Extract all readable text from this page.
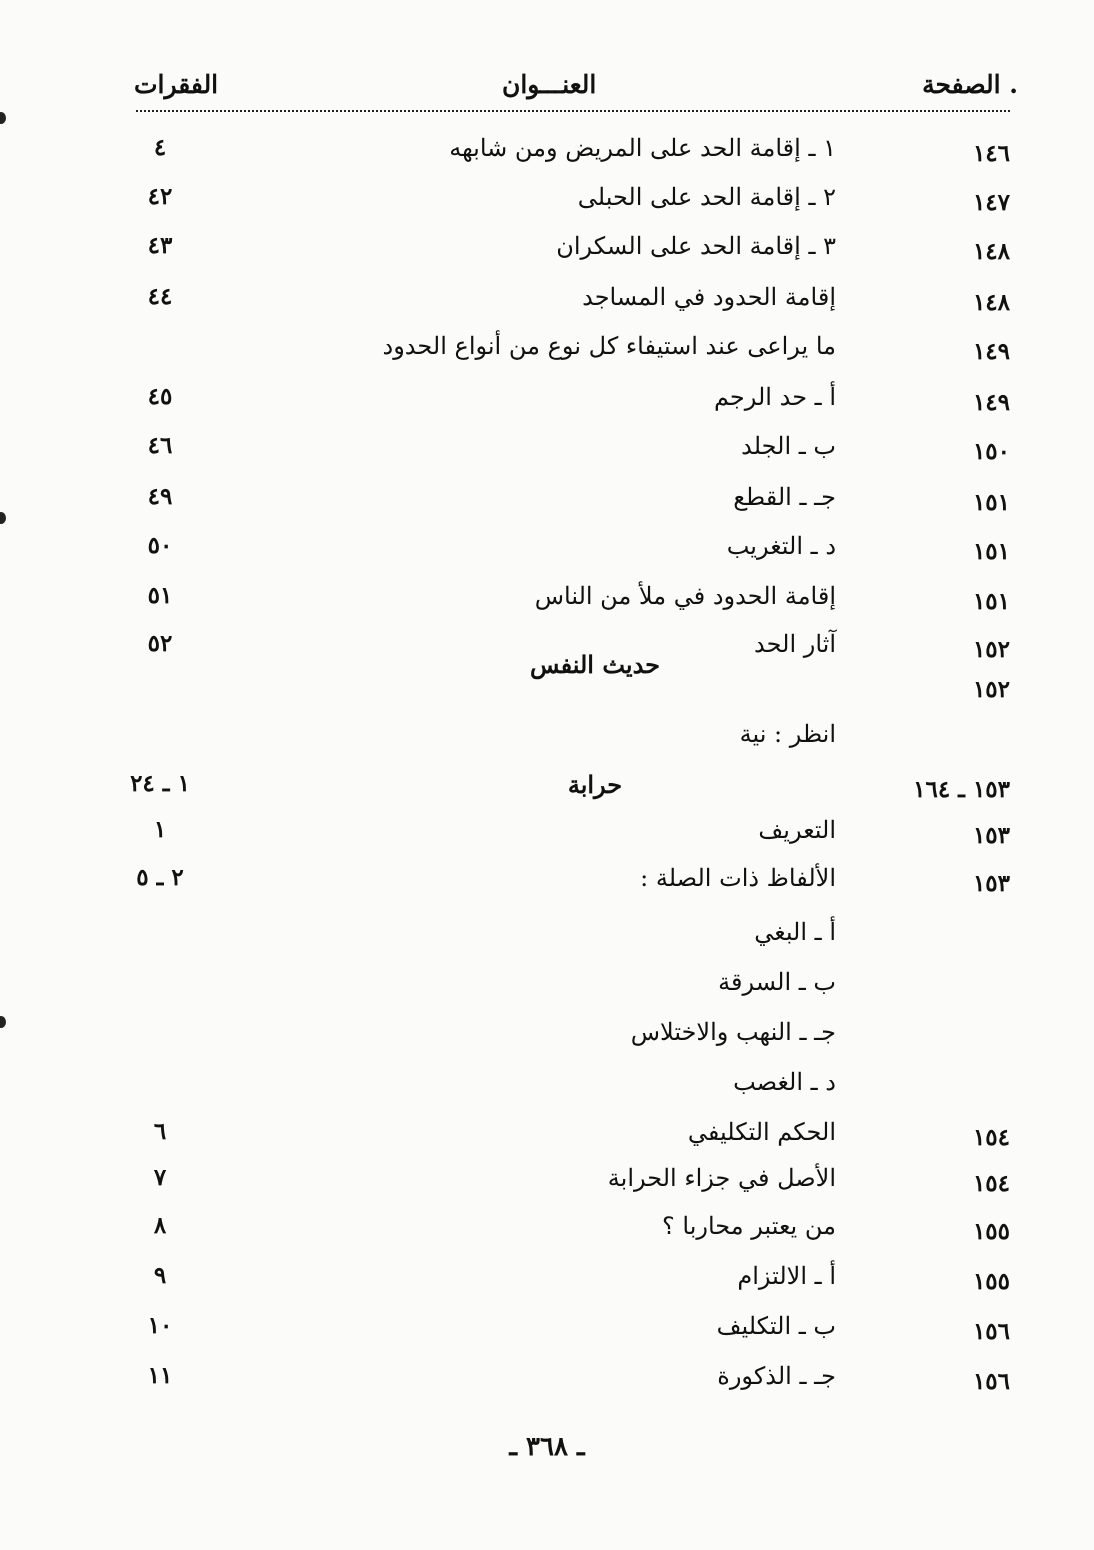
الصفحة .
العنـــوان
الفقرات
١٤٦
١ ـ إقامة الحد على المريض ومن شابهه
٤
١٤٧
٢ ـ إقامة الحد على الحبلى
٤٢
١٤٨
٣ ـ إقامة الحد على السكران
٤٣
١٤٨
إقامة الحدود في المساجد
٤٤
١٤٩
ما يراعى عند استيفاء كل نوع من أنواع الحدود
١٤٩
أ ـ حد الرجم
٤٥
١٥٠
ب ـ الجلد
٤٦
١٥١
جـ ـ القطع
٤٩
١٥١
د ـ التغريب
٥٠
١٥١
إقامة الحدود في ملأ من الناس
٥١
١٥٢
آثار الحد
٥٢
١٥٢
حديث النفس
انظر : نية
١٥٣ ـ ١٦٤
حرابة
١ ـ ٢٤
١٥٣
التعريف
١
١٥٣
الألفاظ ذات الصلة :
٢ ـ ٥
أ ـ البغي
ب ـ السرقة
جـ ـ النهب والاختلاس
د ـ الغصب
١٥٤
الحكم التكليفي
٦
١٥٤
الأصل في جزاء الحرابة
٧
١٥٥
من يعتبر محاربا ؟
٨
١٥٥
أ ـ الالتزام
٩
١٥٦
ب ـ التكليف
١٠
١٥٦
جـ ـ الذكورة
١١
ـ ٣٦٨ ـ
